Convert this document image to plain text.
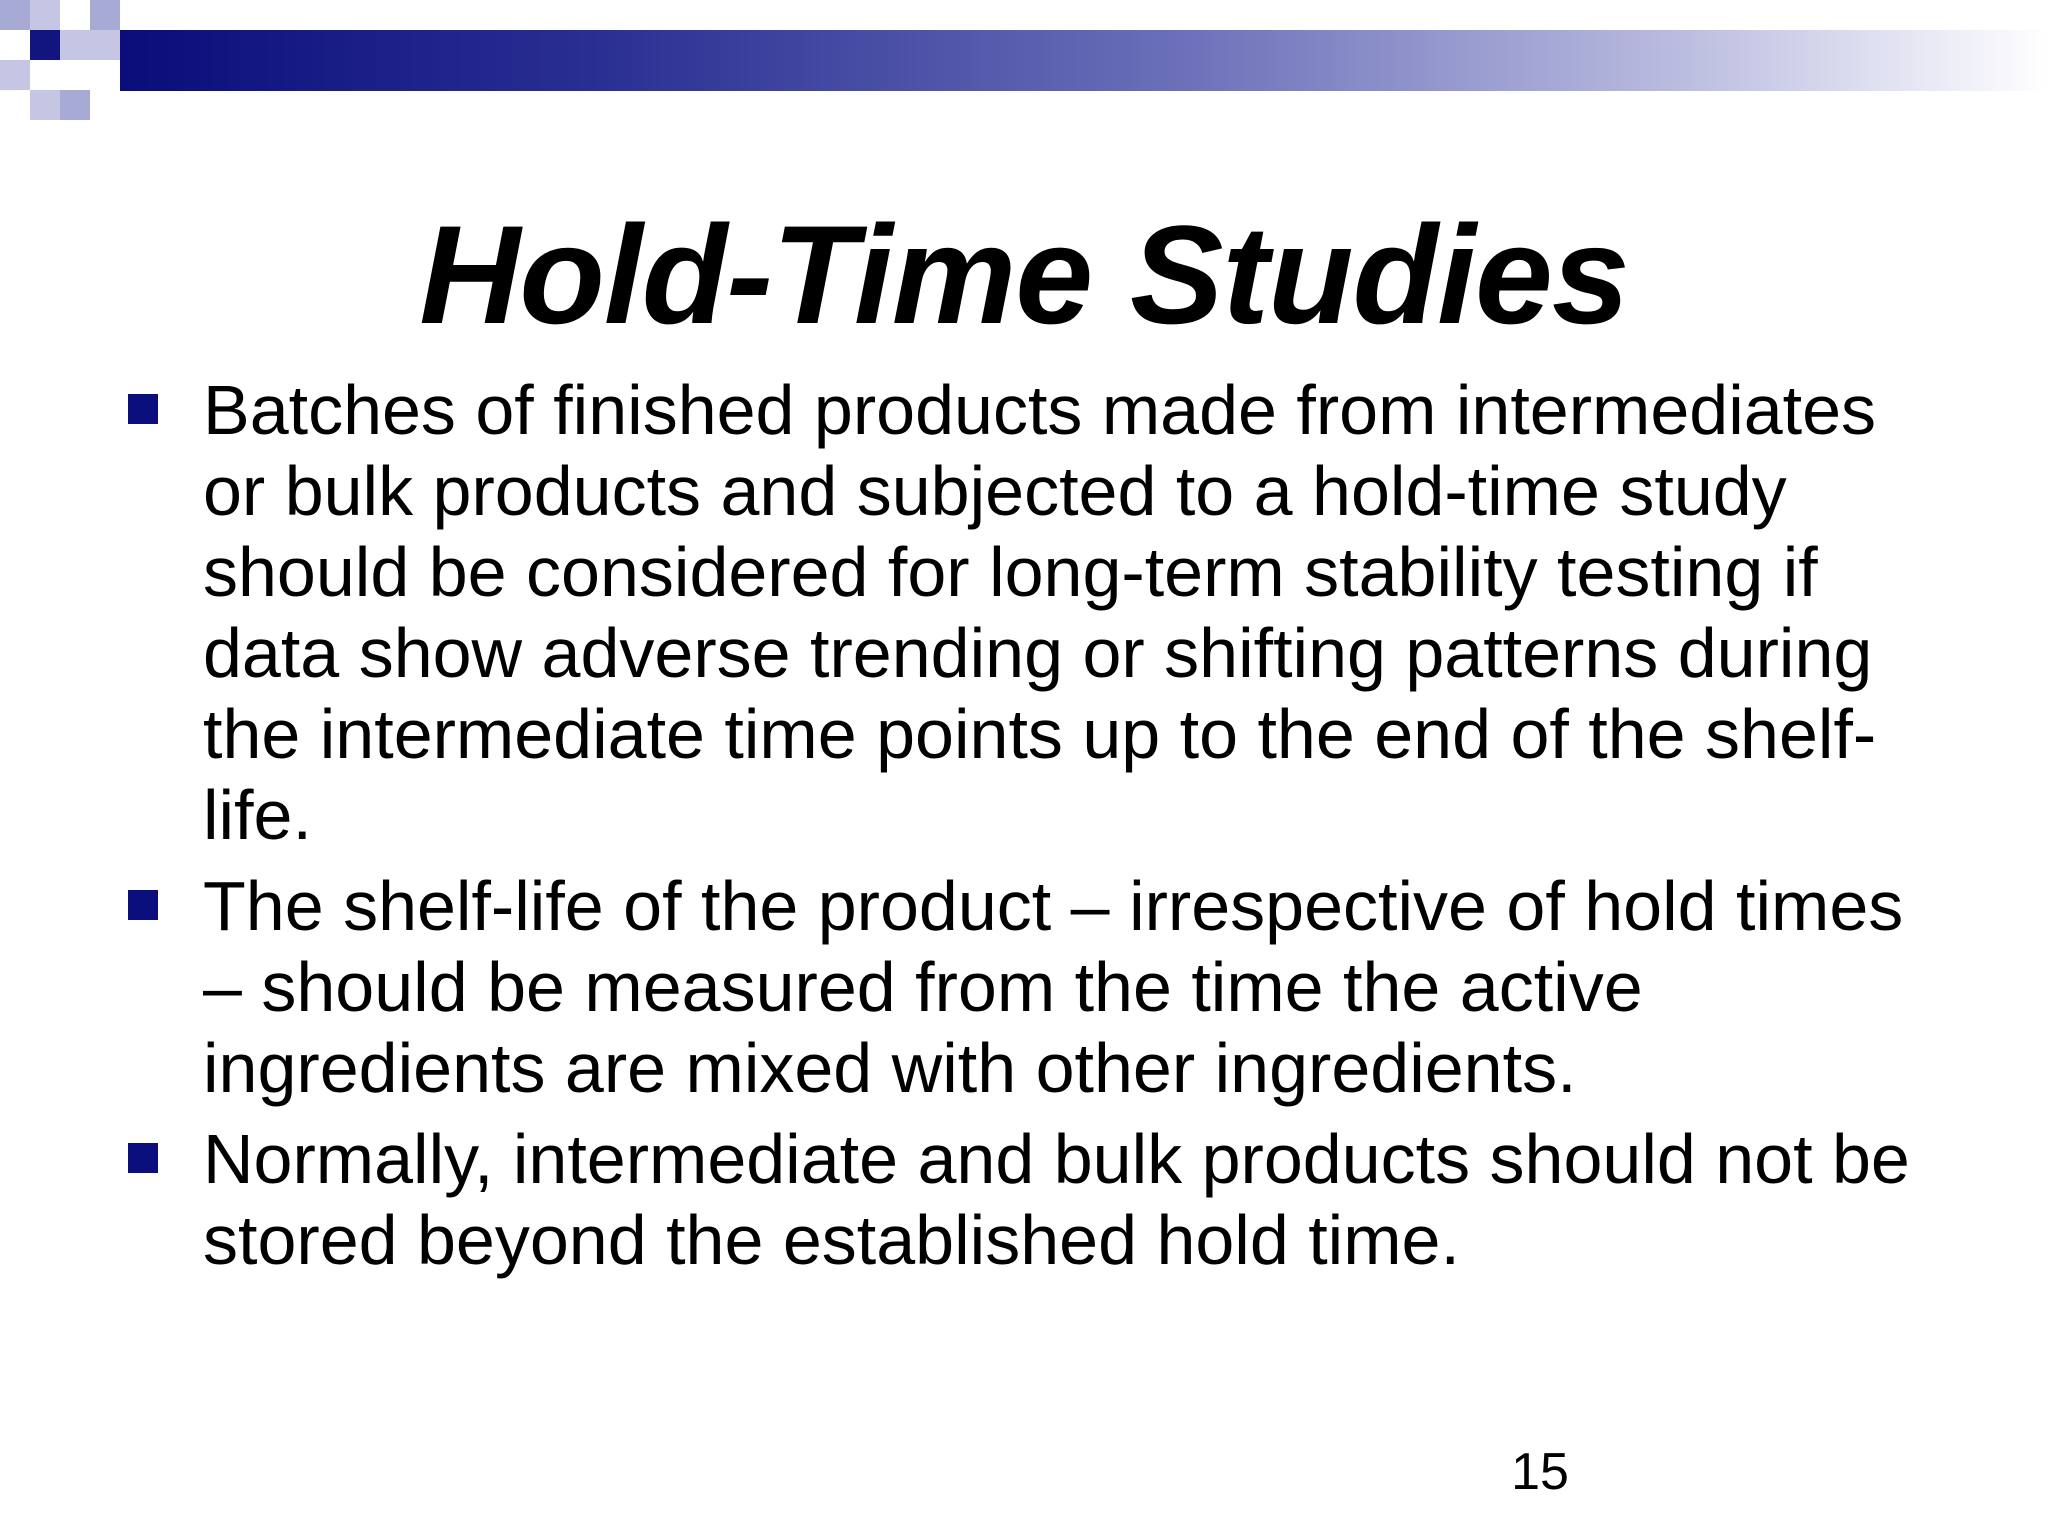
Hold-Time Studies
Batches of finished products made from intermediates or bulk products and subjected to a hold-time study should be considered for long-term stability testing if data show adverse trending or shifting patterns during the intermediate time points up to the end of the shelf-life.
The shelf-life of the product – irrespective of hold times – should be measured from the time the active ingredients are mixed with other ingredients.
Normally, intermediate and bulk products should not be stored beyond the established hold time.
15
